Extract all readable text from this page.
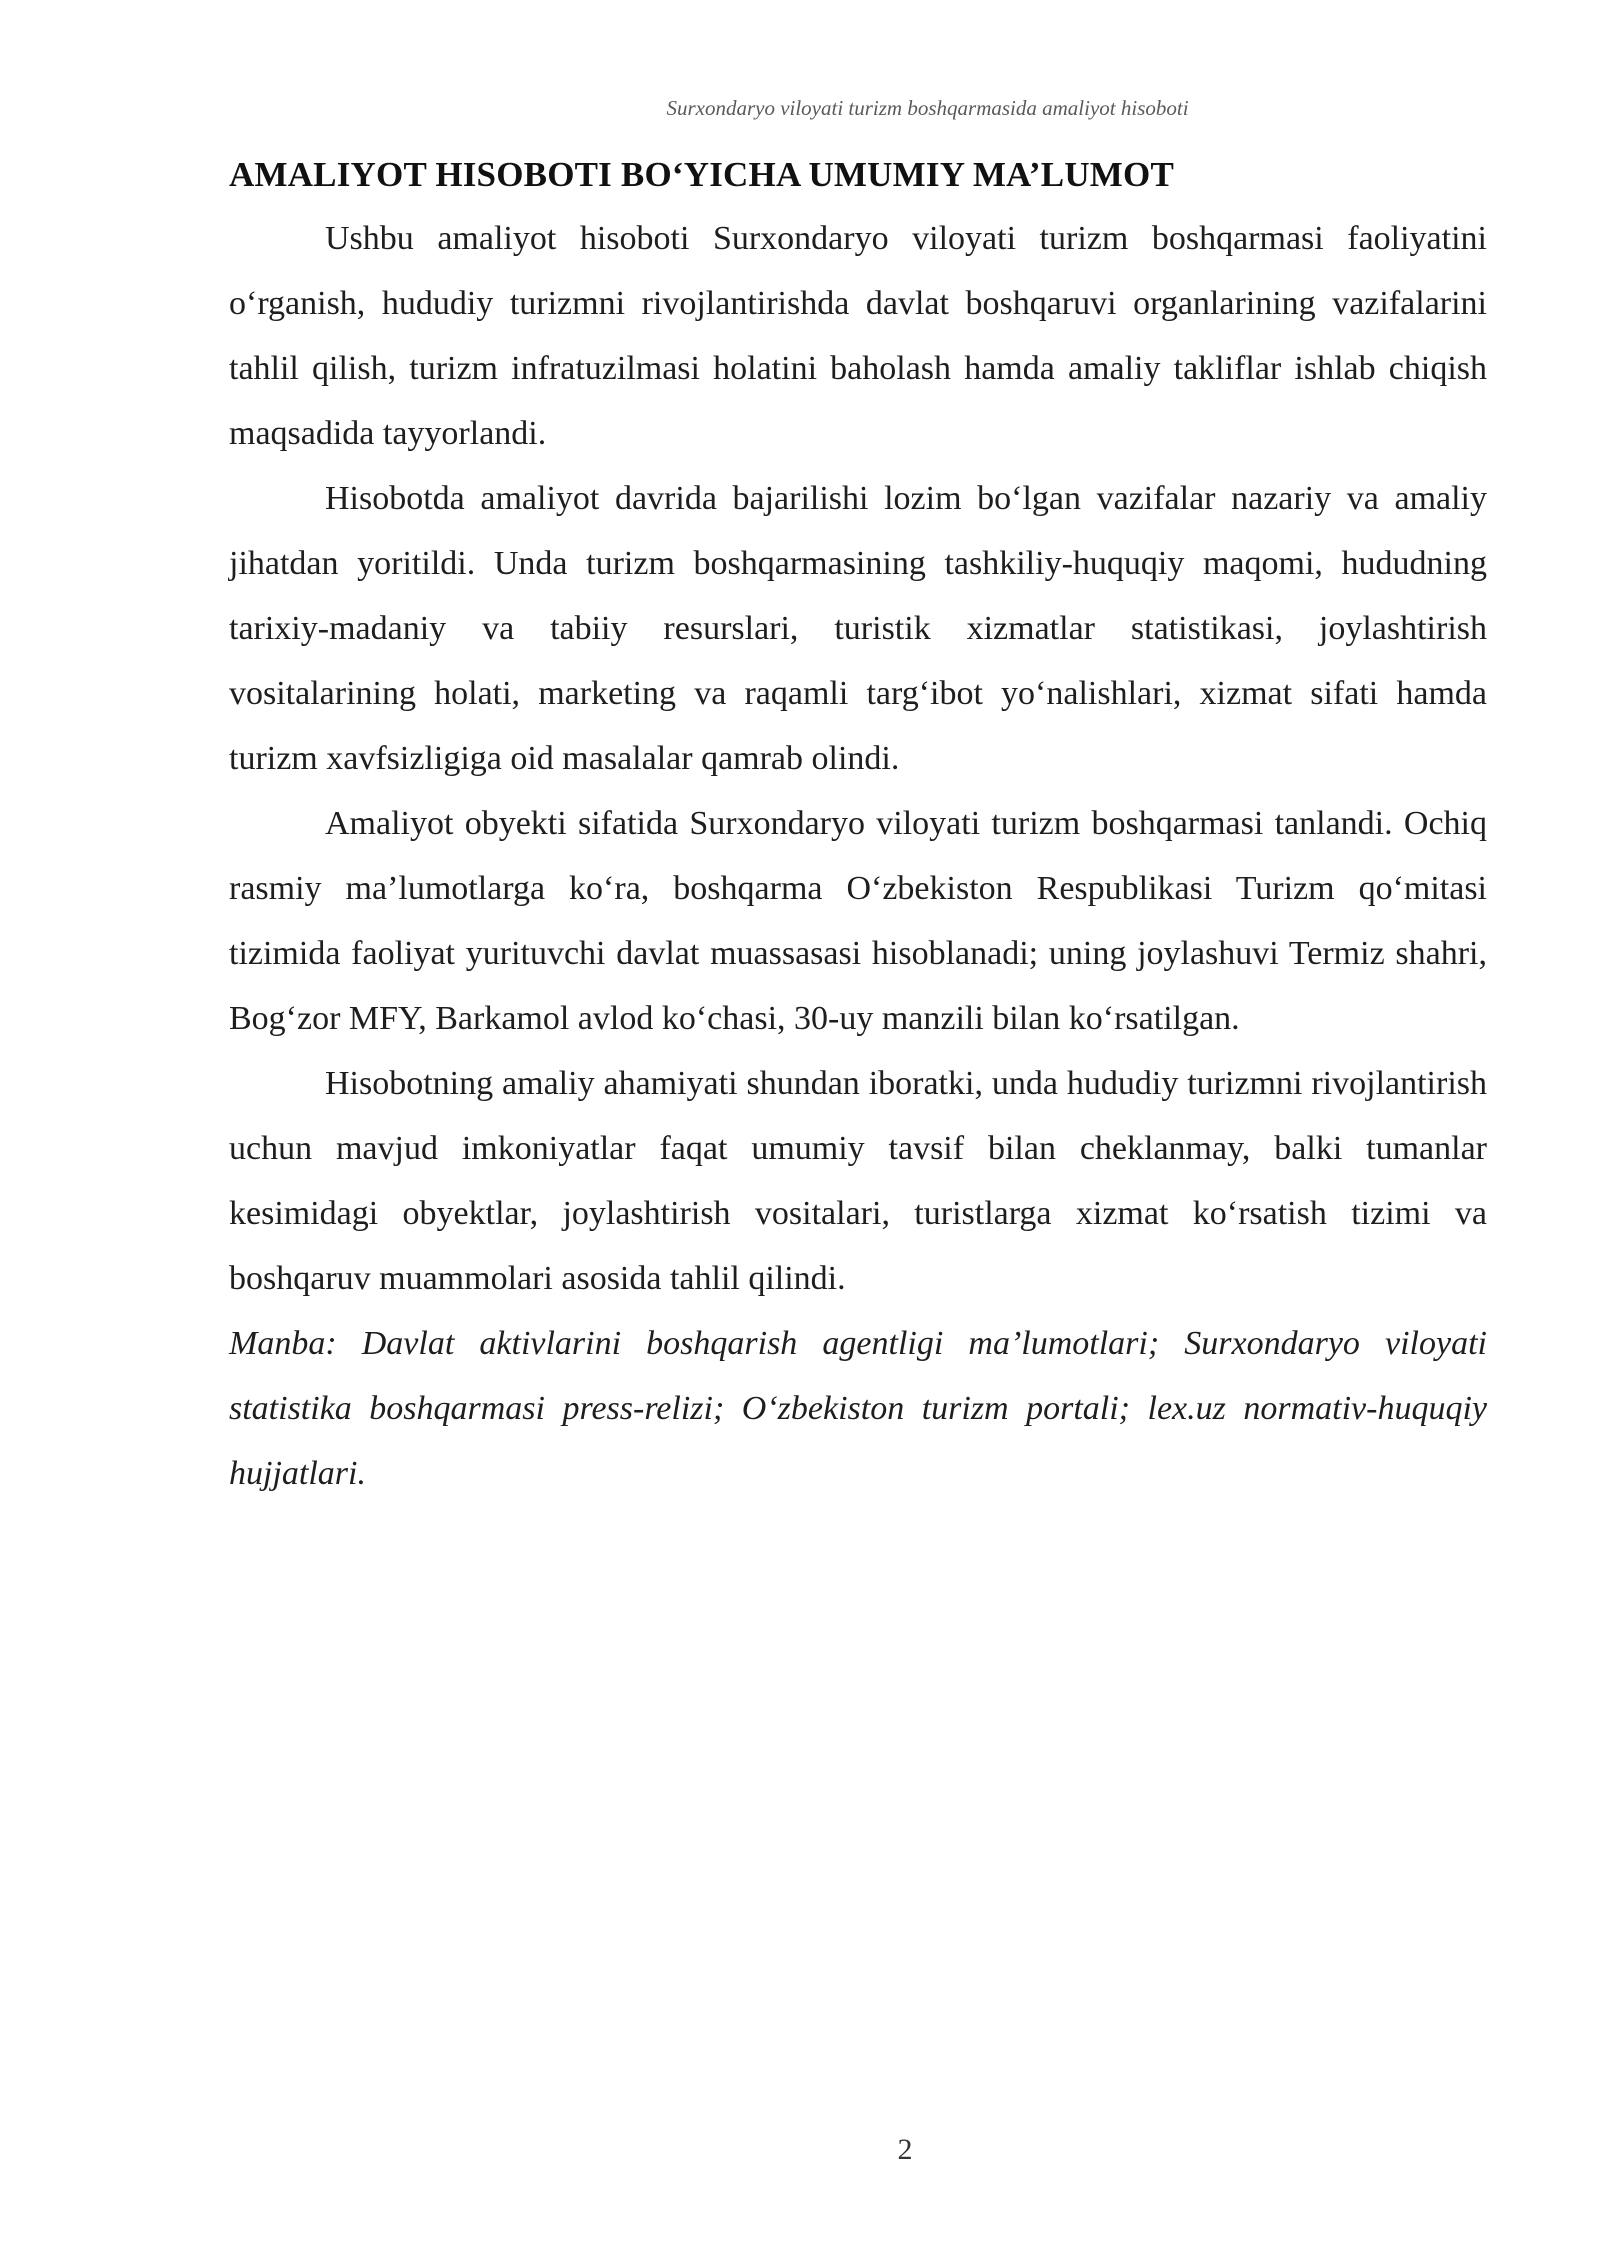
Surxondaryo viloyati turizm boshqarmasida amaliyot hisoboti
AMALIYOT HISOBOTI BO‘YICHA UMUMIY MA’LUMOT

Ushbu amaliyot hisoboti Surxondaryo viloyati turizm boshqarmasi faoliyatini o‘rganish, hududiy turizmni rivojlantirishda davlat boshqaruvi organlarining vazifalarini tahlil qilish, turizm infratuzilmasi holatini baholash hamda amaliy takliflar ishlab chiqish maqsadida tayyorlandi.

Hisobotda amaliyot davrida bajarilishi lozim bo‘lgan vazifalar nazariy va amaliy jihatdan yoritildi. Unda turizm boshqarmasining tashkiliy-huquqiy maqomi, hududning tarixiy-madaniy va tabiiy resurslari, turistik xizmatlar statistikasi, joylashtirish vositalarining holati, marketing va raqamli targ‘ibot yo‘nalishlari, xizmat sifati hamda turizm xavfsizligiga oid masalalar qamrab olindi.

Amaliyot obyekti sifatida Surxondaryo viloyati turizm boshqarmasi tanlandi. Ochiq rasmiy ma’lumotlarga ko‘ra, boshqarma O‘zbekiston Respublikasi Turizm qo‘mitasi tizimida faoliyat yurituvchi davlat muassasasi hisoblanadi; uning joylashuvi Termiz shahri, Bog‘zor MFY, Barkamol avlod ko‘chasi, 30-uy manzili bilan ko‘rsatilgan.

Hisobotning amaliy ahamiyati shundan iboratki, unda hududiy turizmni rivojlantirish uchun mavjud imkoniyatlar faqat umumiy tavsif bilan cheklanmay, balki tumanlar kesimidagi obyektlar, joylashtirish vositalari, turistlarga xizmat ko‘rsatish tizimi va boshqaruv muammolari asosida tahlil qilindi.

Manba: Davlat aktivlarini boshqarish agentligi ma’lumotlari; Surxondaryo viloyati statistika boshqarmasi press-relizi; O‘zbekiston turizm portali; lex.uz normativ-huquqiy hujjatlari.

2
